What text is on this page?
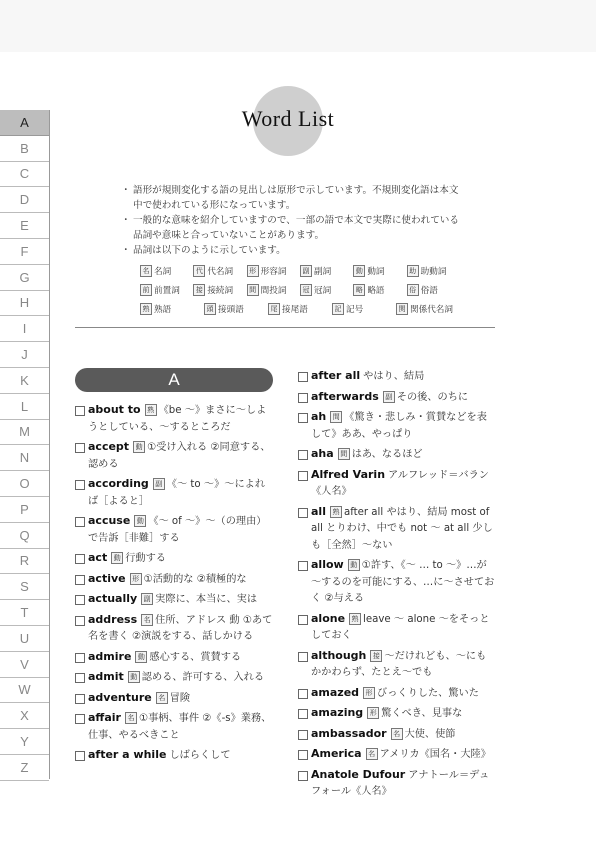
A
B
C
D
E
F
G
H
I
J
K
L
M
N
O
P
Q
R
S
T
U
V
W
X
Y
Z
Word List
・ 語形が規則変化する語の見出しは原形で示しています。不規則変化語は本文中で使われている形になっています。
・ 一般的な意味を紹介していますので、一部の語で本文で実際に使われている品詞や意味と合っていないことがあります。
・ 品詞は以下のように示しています。
名 名詞	代 代名詞	形 形容詞	副 副詞	動 動詞	助 助動詞
前 前置詞	接 接続詞	間 間投詞	冠 冠詞	略 略語	俗 俗語
熟 熟語	頭 接頭語	尾 接尾語	記 記号	関 関係代名詞
A
about to 熟 《be ～》まさに～しようとしている、～するところだ
accept 動 ①受け入れる ②同意する、認める
according 副 《～ to ～》～によれば［よると］
accuse 動 《～ of ～》～（の理由）で告訴［非難］する
act 動 行動する
active 形 ①活動的な ②積極的な
actually 副 実際に、本当に、実は
address 名 住所、アドレス 動 ①あて名を書く ②演説をする、話しかける
admire 動 感心する、賞賛する
admit 動 認める、許可する、入れる
adventure 名 冒険
affair 名 ①事柄、事件 ②《-s》業務、仕事、やるべきこと
after a while しばらくして
after all やはり、結局
afterwards 副 その後、のちに
ah 間 《驚き・悲しみ・賞賛などを表して》ああ、やっぱり
aha 間 はあ、なるほど
Alfred Varin アルフレッド＝バラン《人名》
all 熟 after all やはり、結局 most of all とりわけ、中でも not ～ at all 少しも［全然］～ない
allow 動 ①許す、《～ … to ～》…が～するのを可能にする、…に～させておく ②与える
alone 熟 leave ～ alone ～をそっとしておく
although 接 ～だけれども、～にもかかわらず、たとえ～でも
amazed 形 びっくりした、驚いた
amazing 形 驚くべき、見事な
ambassador 名 大使、使節
America 名 アメリカ《国名・大陸》
Anatole Dufour アナトール＝デュフォール《人名》
